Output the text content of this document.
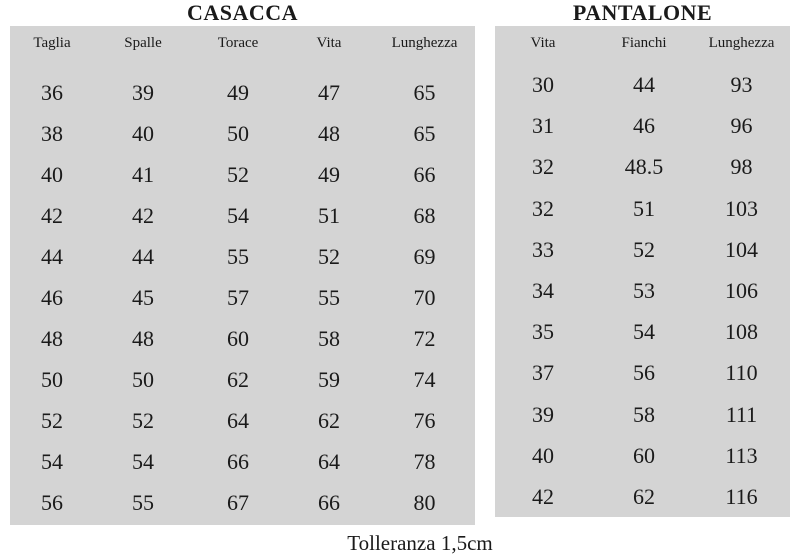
CASACCA	PANTALONE
Taglia	Spalle	Torace	Vita	Lunghezza
36	39	49	47	65
38	40	50	48	65
40	41	52	49	66
42	42	54	51	68
44	44	55	52	69
46	45	57	55	70
48	48	60	58	72
50	50	62	59	74
52	52	64	62	76
54	54	66	64	78
56	55	67	66	80
Vita	Fianchi	Lunghezza
30	44	93
31	46	96
32	48.5	98
32	51	103
33	52	104
34	53	106
35	54	108
37	56	110
39	58	111
40	60	113
42	62	116
Tolleranza 1,5cm
